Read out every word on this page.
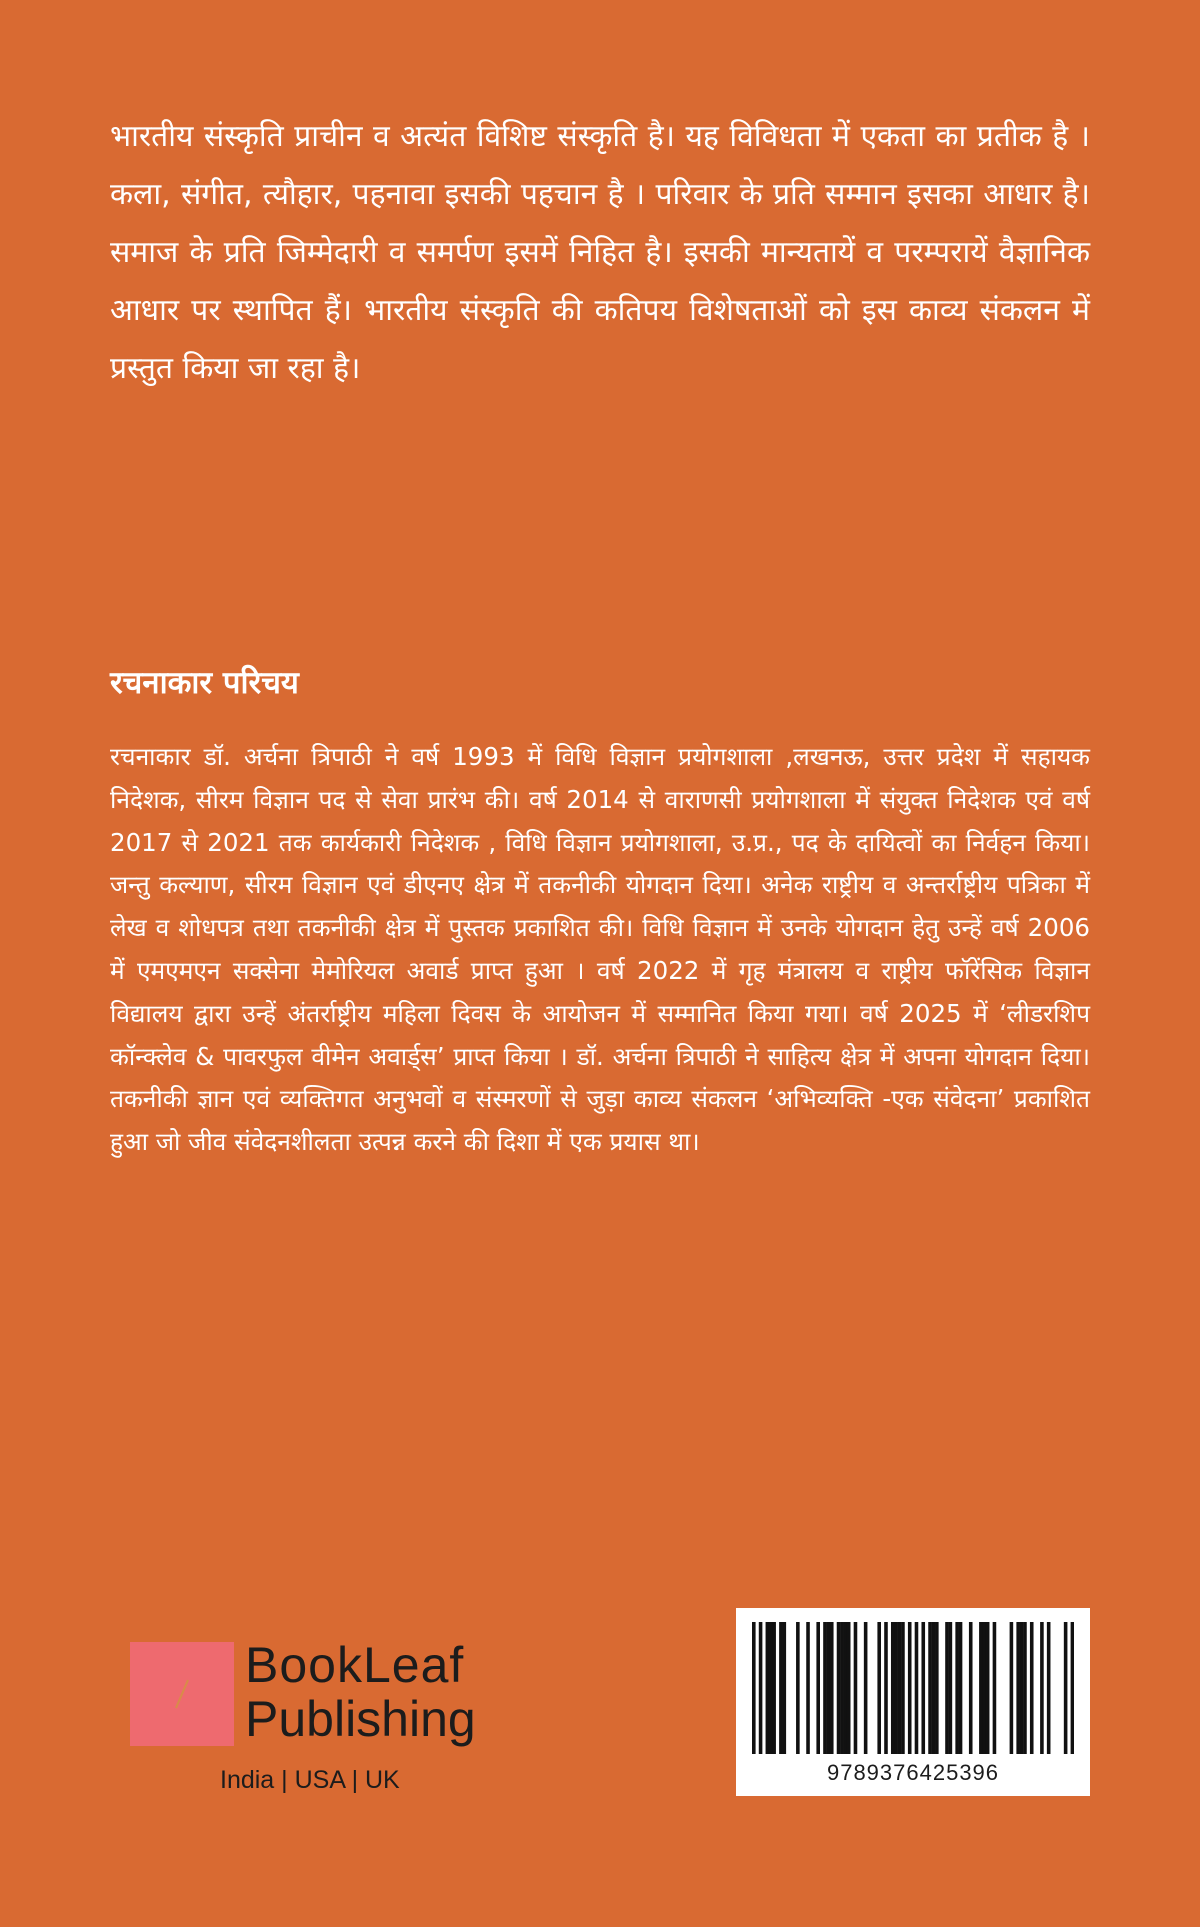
भारतीय संस्कृति प्राचीन व अत्यंत विशिष्ट संस्कृति है। यह विविधता में एकता का प्रतीक है । कला, संगीत, त्यौहार, पहनावा इसकी पहचान है । परिवार के प्रति सम्मान इसका आधार है। समाज के प्रति जिम्मेदारी व समर्पण इसमें निहित है। इसकी मान्यतायें व परम्परायें वैज्ञानिक आधार पर स्थापित हैं। भारतीय संस्कृति की कतिपय विशेषताओं को इस काव्य संकलन में प्रस्तुत किया जा रहा है।

रचनाकार परिचय

रचनाकार डॉ. अर्चना त्रिपाठी ने वर्ष 1993 में विधि विज्ञान प्रयोगशाला ,लखनऊ, उत्तर प्रदेश में सहायक निदेशक, सीरम विज्ञान पद से सेवा प्रारंभ की। वर्ष 2014 से वाराणसी प्रयोगशाला में संयुक्त निदेशक एवं वर्ष 2017 से 2021 तक कार्यकारी निदेशक , विधि विज्ञान प्रयोगशाला, उ.प्र., पद के दायित्वों का निर्वहन किया। जन्तु कल्याण, सीरम विज्ञान एवं डीएनए क्षेत्र में तकनीकी योगदान दिया। अनेक राष्ट्रीय व अन्तर्राष्ट्रीय पत्रिका में लेख व शोधपत्र तथा तकनीकी क्षेत्र में पुस्तक प्रकाशित की। विधि विज्ञान में उनके योगदान हेतु उन्हें वर्ष 2006 में एमएमएन सक्सेना मेमोरियल अवार्ड प्राप्त हुआ । वर्ष 2022 में गृह मंत्रालय व राष्ट्रीय फॉरेंसिक विज्ञान विद्यालय द्वारा उन्हें अंतर्राष्ट्रीय महिला दिवस के आयोजन में सम्मानित किया गया। वर्ष 2025 में ‘लीडरशिप कॉन्क्लेव & पावरफुल वीमेन अवार्ड्स’ प्राप्त किया । डॉ. अर्चना त्रिपाठी ने साहित्य क्षेत्र में अपना योगदान दिया। तकनीकी ज्ञान एवं व्यक्तिगत अनुभवों व संस्मरणों से जुड़ा काव्य संकलन ‘अभिव्यक्ति -एक संवेदना’ प्रकाशित हुआ जो जीव संवेदनशीलता उत्पन्न करने की दिशा में एक प्रयास था।

BookLeaf
Publishing
India | USA | UK	9789376425396
